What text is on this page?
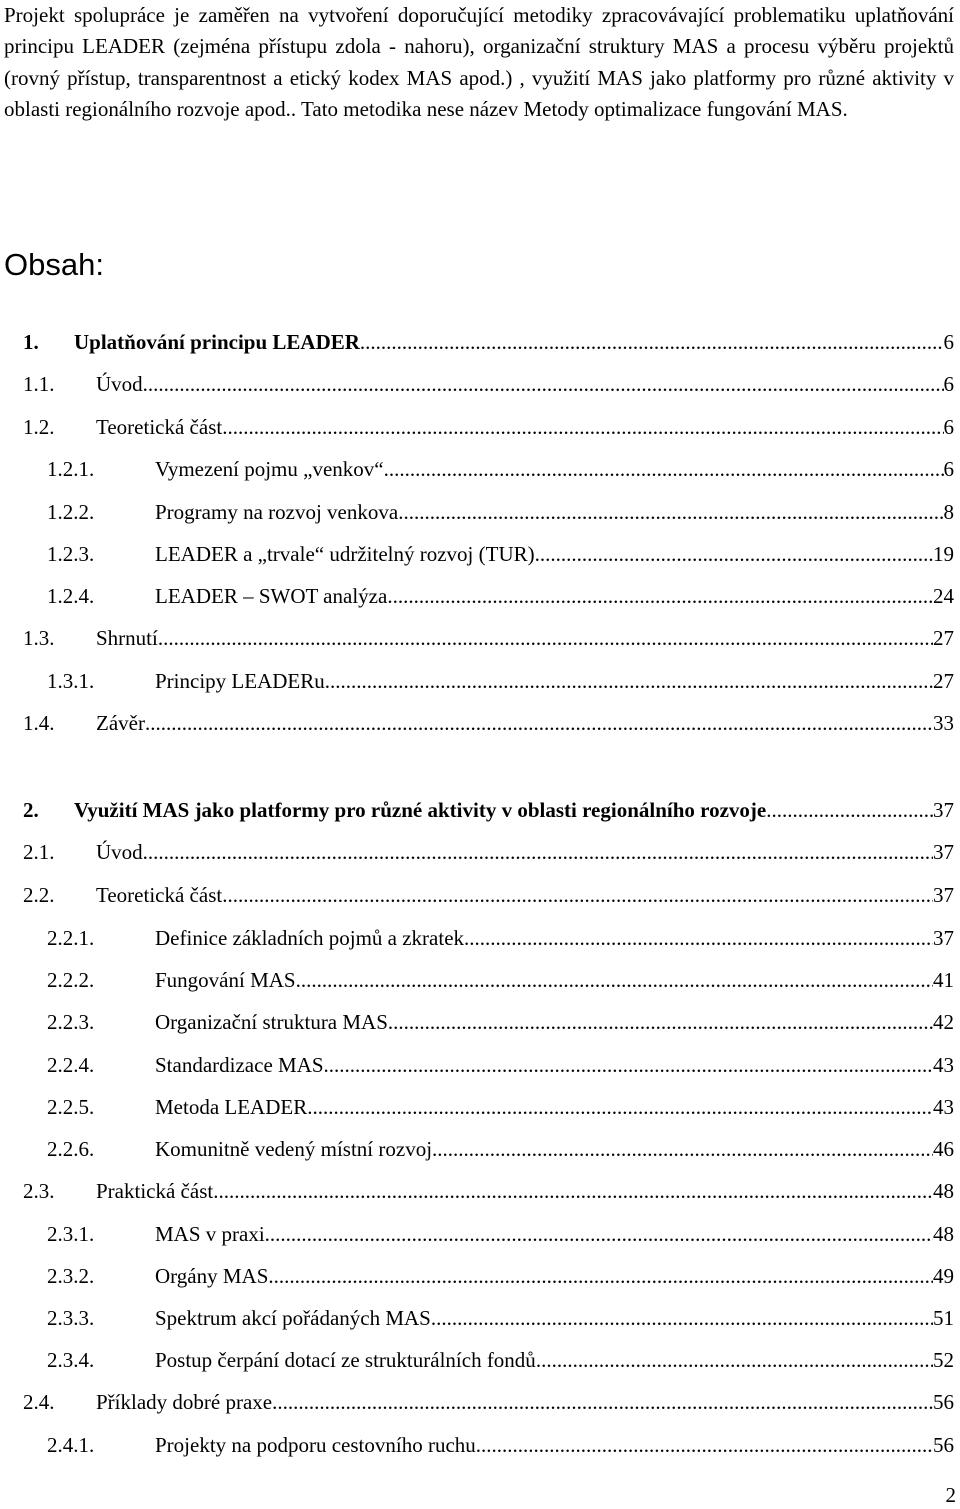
Projekt spolupráce je zaměřen na vytvoření doporučující metodiky zpracovávající problematiku uplatňování principu LEADER (zejména přístupu zdola - nahoru), organizační struktury MAS a procesu výběru projektů (rovný přístup, transparentnost a etický kodex MAS apod.) , využití MAS jako platformy pro různé aktivity v oblasti regionálního rozvoje apod.. Tato metodika nese název Metody optimalizace fungování MAS.

Obsah:
1. Uplatňování principu LEADER .....	6
1.1. Úvod .....	6
1.2. Teoretická část .....	6
1.2.1.	Vymezení pojmu „venkov“ .....	6
1.2.2.	Programy na rozvoj venkova .....	8
1.2.3.	LEADER a „trvale“ udržitelný rozvoj (TUR) .....	19
1.2.4.	LEADER – SWOT analýza .....	24
1.3. Shrnutí .....	27
1.3.1.	Principy LEADERu .....	27
1.4. Závěr .....	33
2. Využití MAS jako platformy pro různé aktivity v oblasti regionálního rozvoje .....	37
2.1. Úvod .....	37
2.2. Teoretická část .....	37
2.2.1.	Definice základních pojmů a zkratek .....	37
2.2.2.	Fungování MAS .....	41
2.2.3.	Organizační struktura MAS .....	42
2.2.4.	Standardizace MAS .....	43
2.2.5.	Metoda LEADER .....	43
2.2.6.	Komunitně vedený místní rozvoj .....	46
2.3. Praktická část .....	48
2.3.1.	MAS v praxi .....	48
2.3.2.	Orgány MAS .....	49
2.3.3.	Spektrum akcí pořádaných MAS .....	51
2.3.4.	Postup čerpání dotací ze strukturálních fondů .....	52
2.4. Příklady dobré praxe .....	56
2.4.1.	Projekty na podporu cestovního ruchu .....	56
2
